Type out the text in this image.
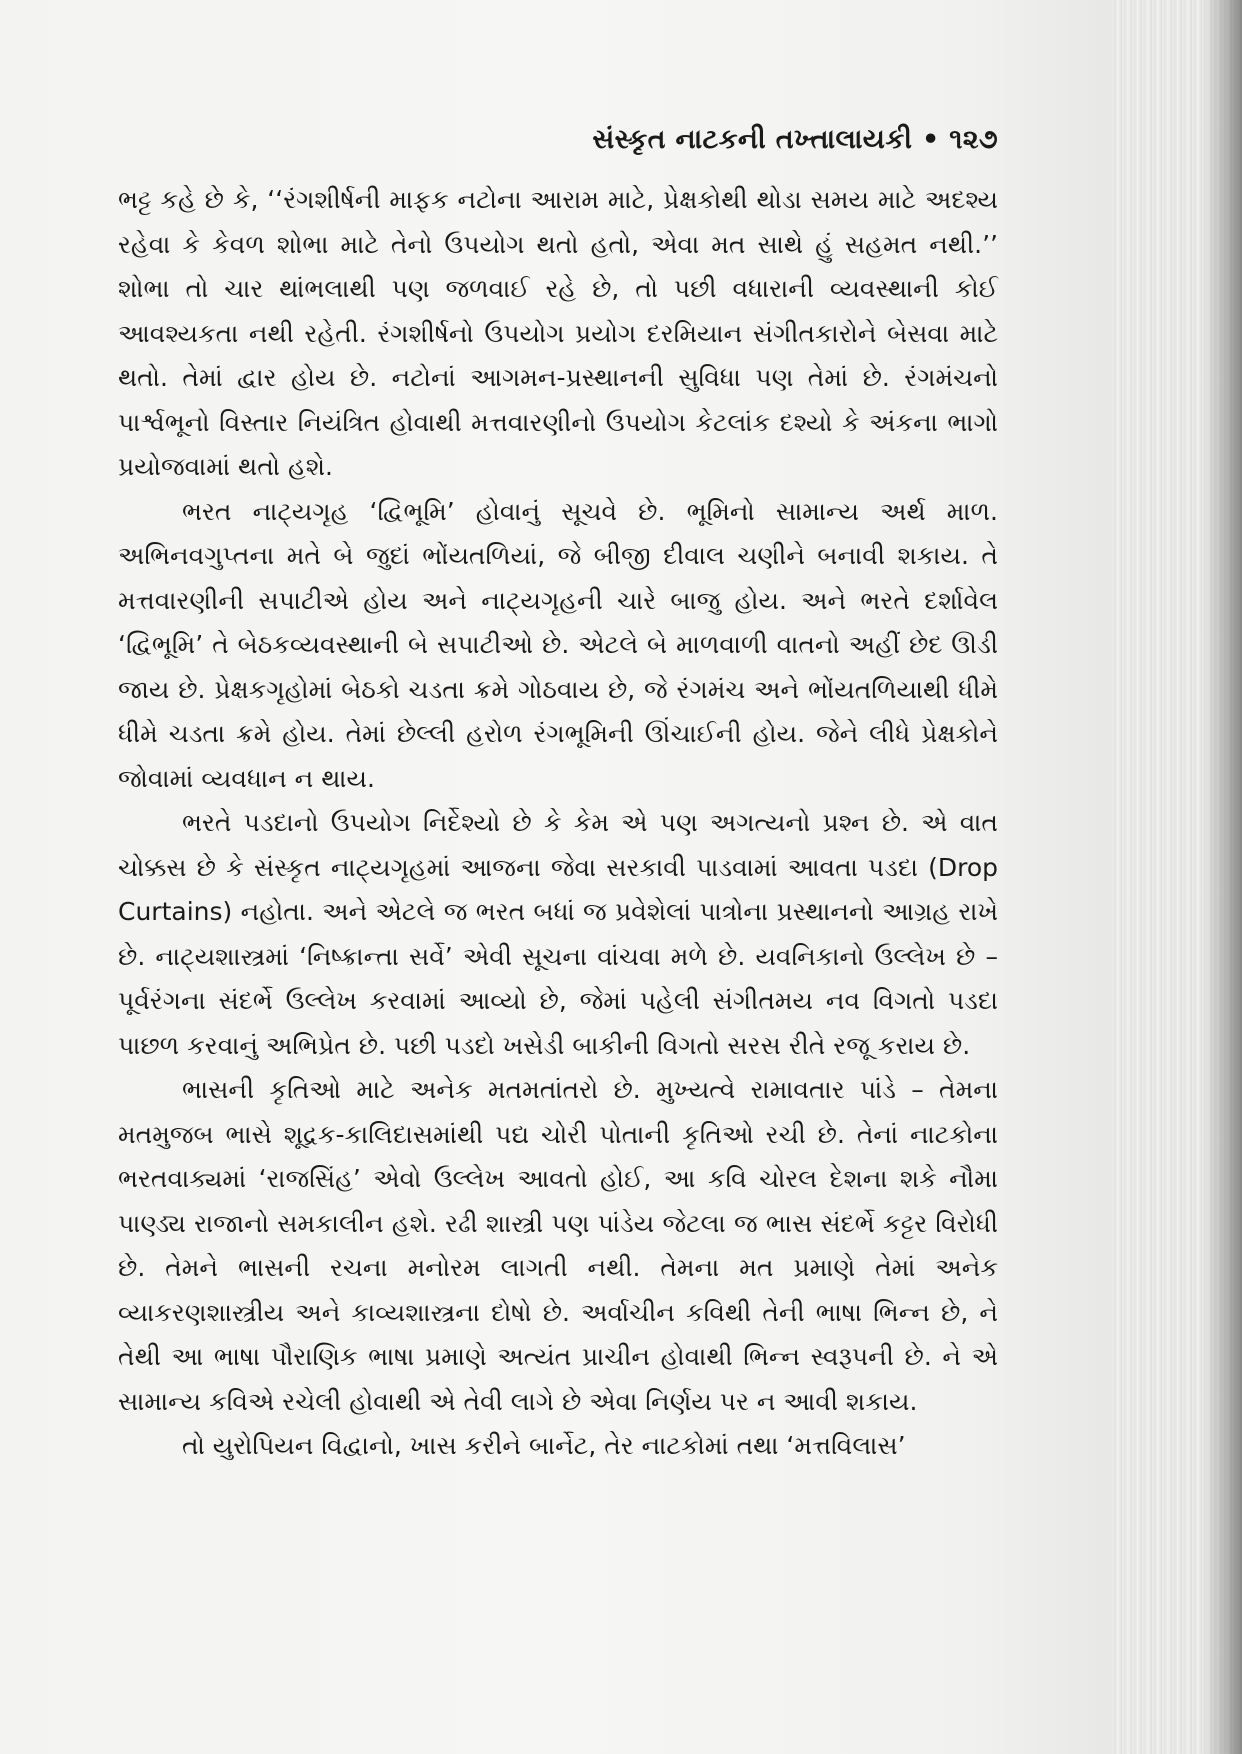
સંસ્કૃત નાટકની તખ્તાલાયકી • ૧૨૭

ભટ્ટ કહે છે કે, ‘‘રંગશીર્ષની માફક નટોના આરામ માટે, પ્રેક્ષકોથી થોડા સમય માટે અદશ્ય રહેવા કે કેવળ શોભા માટે તેનો ઉપયોગ થતો હતો, એવા મત સાથે હું સહમત નથી.’’ શોભા તો ચાર થાંભલાથી પણ જળવાઈ રહે છે, તો પછી વધારાની વ્યવસ્થાની કોઈ આવશ્યકતા નથી રહેતી. રંગશીર્ષનો ઉપયોગ પ્રયોગ દરમિયાન સંગીતકારોને બેસવા માટે થતો. તેમાં દ્વાર હોય છે. નટોનાં આગમન-પ્રસ્થાનની સુવિધા પણ તેમાં છે. રંગમંચનો પાર્શ્વભૂનો વિસ્તાર નિયંત્રિત હોવાથી મત્તવારણીનો ઉપયોગ કેટલાંક દશ્યો કે અંકના ભાગો પ્રયોજવામાં થતો હશે.

ભરત નાટ્યગૃહ ‘દ્વિભૂમિ’ હોવાનું સૂચવે છે. ભૂમિનો સામાન્ય અર્થ માળ. અભિનવગુપ્તના મતે બે જુદાં ભોંયતળિયાં, જે બીજી દીવાલ ચણીને બનાવી શકાય. તે મત્તવારણીની સપાટીએ હોય અને નાટ્યગૃહની ચારે બાજુ હોય. અને ભરતે દર્શાવેલ ‘દ્વિભૂમિ’ તે બેઠકવ્યવસ્થાની બે સપાટીઓ છે. એટલે બે માળવાળી વાતનો અહીં છેદ ઊડી જાય છે. પ્રેક્ષકગૃહોમાં બેઠકો ચડતા ક્રમે ગોઠવાય છે, જે રંગમંચ અને ભોંયતળિયાથી ધીમે ધીમે ચડતા ક્રમે હોય. તેમાં છેલ્લી હરોળ રંગભૂમિની ઊંચાઈની હોય. જેને લીધે પ્રેક્ષકોને જોવામાં વ્યવધાન ન થાય.

ભરતે પડદાનો ઉપયોગ નિર્દેશ્યો છે કે કેમ એ પણ અગત્યનો પ્રશ્ન છે. એ વાત ચોક્કસ છે કે સંસ્કૃત નાટ્યગૃહમાં આજના જેવા સરકાવી પાડવામાં આવતા પડદા (Drop Curtains) નહોતા. અને એટલે જ ભરત બધાં જ પ્રવેશેલાં પાત્રોના પ્રસ્થાનનો આગ્રહ રાખે છે. નાટ્યશાસ્ત્રમાં ‘નિષ્ક્રાન્તા સર્વે’ એવી સૂચના વાંચવા મળે છે. યવનિકાનો ઉલ્લેખ છે – પૂર્વરંગના સંદર્ભે ઉલ્લેખ કરવામાં આવ્યો છે, જેમાં પહેલી સંગીતમય નવ વિગતો પડદા પાછળ કરવાનું અભિપ્રેત છે. પછી પડદો ખસેડી બાકીની વિગતો સરસ રીતે રજૂ કરાય છે.

ભાસની કૃતિઓ માટે અનેક મતમતાંતરો છે. મુખ્યત્વે રામાવતાર પાંડે – તેમના મતમુજબ ભાસે શૂદ્રક-કાલિદાસમાંથી પદ્ય ચોરી પોતાની કૃતિઓ રચી છે. તેનાં નાટકોના ભરતવાક્યમાં ‘રાજસિંહ’ એવો ઉલ્લેખ આવતો હોઈ, આ કવિ ચોરલ દેશના શકે નૌમા પાણ્ડ્ય રાજાનો સમકાલીન હશે. રઢી શાસ્ત્રી પણ પાંડેય જેટલા જ ભાસ સંદર્ભે કટ્ટર વિરોધી છે. તેમને ભાસની રચના મનોરમ લાગતી નથી. તેમના મત પ્રમાણે તેમાં અનેક વ્યાકરણશાસ્ત્રીય અને કાવ્યશાસ્ત્રના દોષો છે. અર્વાચીન કવિથી તેની ભાષા ભિન્ન છે, ને તેથી આ ભાષા પૌરાણિક ભાષા પ્રમાણે અત્યંત પ્રાચીન હોવાથી ભિન્ન સ્વરૂપની છે. ને એ સામાન્ય કવિએ રચેલી હોવાથી એ તેવી લાગે છે એવા નિર્ણય પર ન આવી શકાય.

તો યુરોપિયન વિદ્વાનો, ખાસ કરીને બાર્નેટ, તેર નાટકોમાં તથા ‘મત્તવિલાસ’
